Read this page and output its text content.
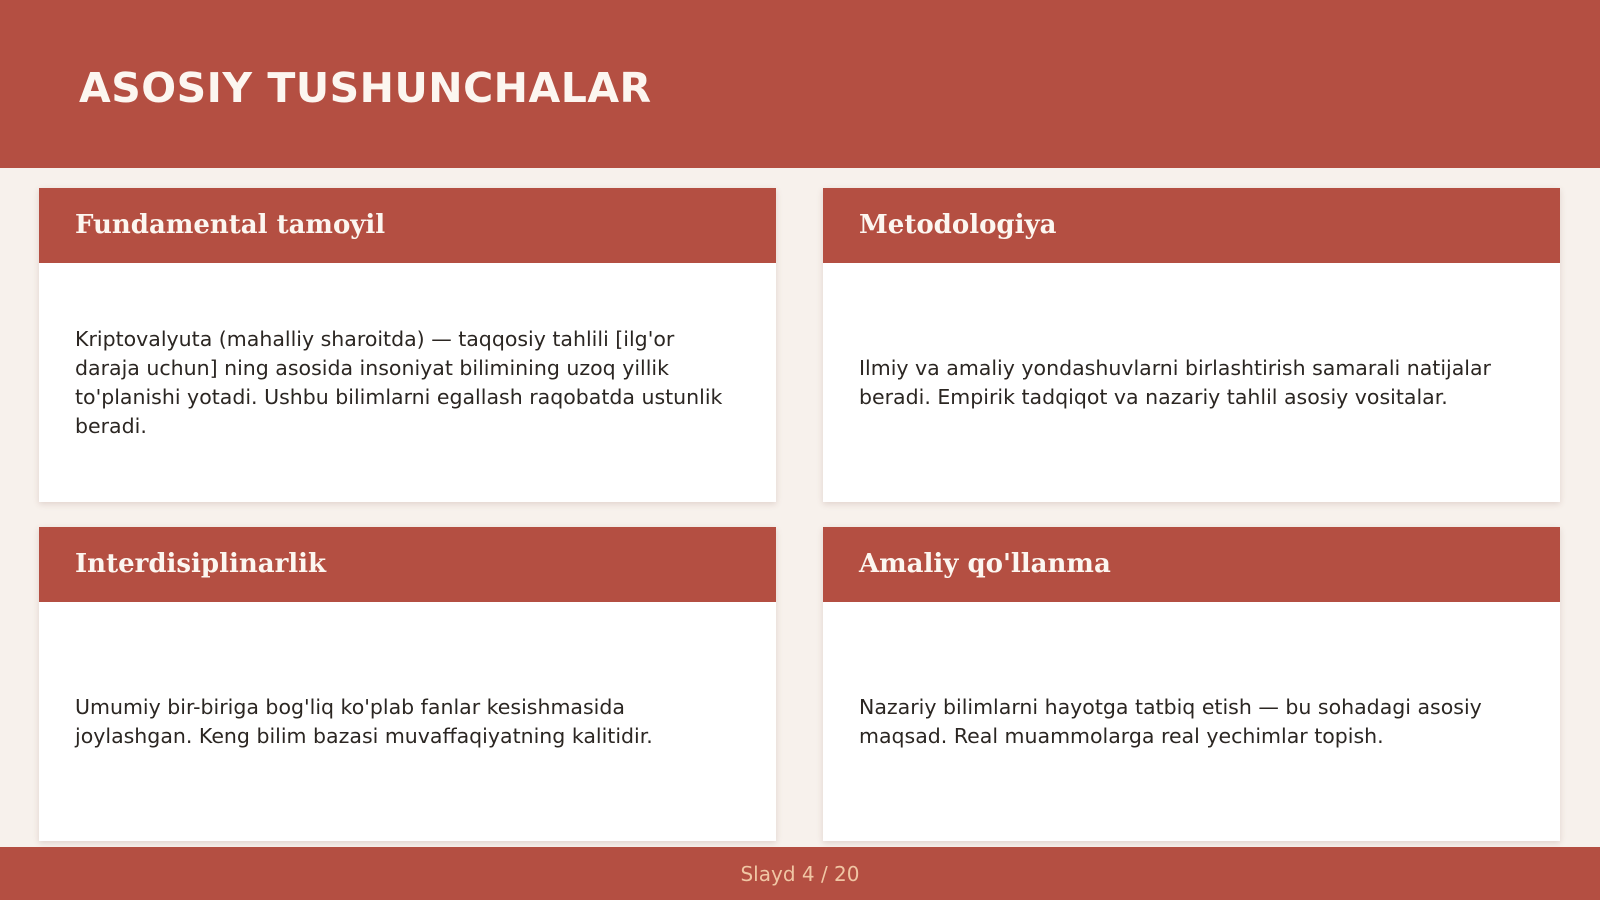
ASOSIY TUSHUNCHALAR
Fundamental tamoyil

Kriptovalyuta (mahalliy sharoitda) — taqqosiy tahlili [ilg'or daraja uchun] ning asosida insoniyat bilimining uzoq yillik to'planishi yotadi. Ushbu bilimlarni egallash raqobatda ustunlik beradi.

Metodologiya

Ilmiy va amaliy yondashuvlarni birlashtirish samarali natijalar beradi. Empirik tadqiqot va nazariy tahlil asosiy vositalar.

Interdisiplinarlik

Umumiy bir-biriga bog'liq ko'plab fanlar kesishmasida joylashgan. Keng bilim bazasi muvaffaqiyatning kalitidir.

Amaliy qo'llanma

Nazariy bilimlarni hayotga tatbiq etish — bu sohadagi asosiy maqsad. Real muammolarga real yechimlar topish.

Slayd 4 / 20
